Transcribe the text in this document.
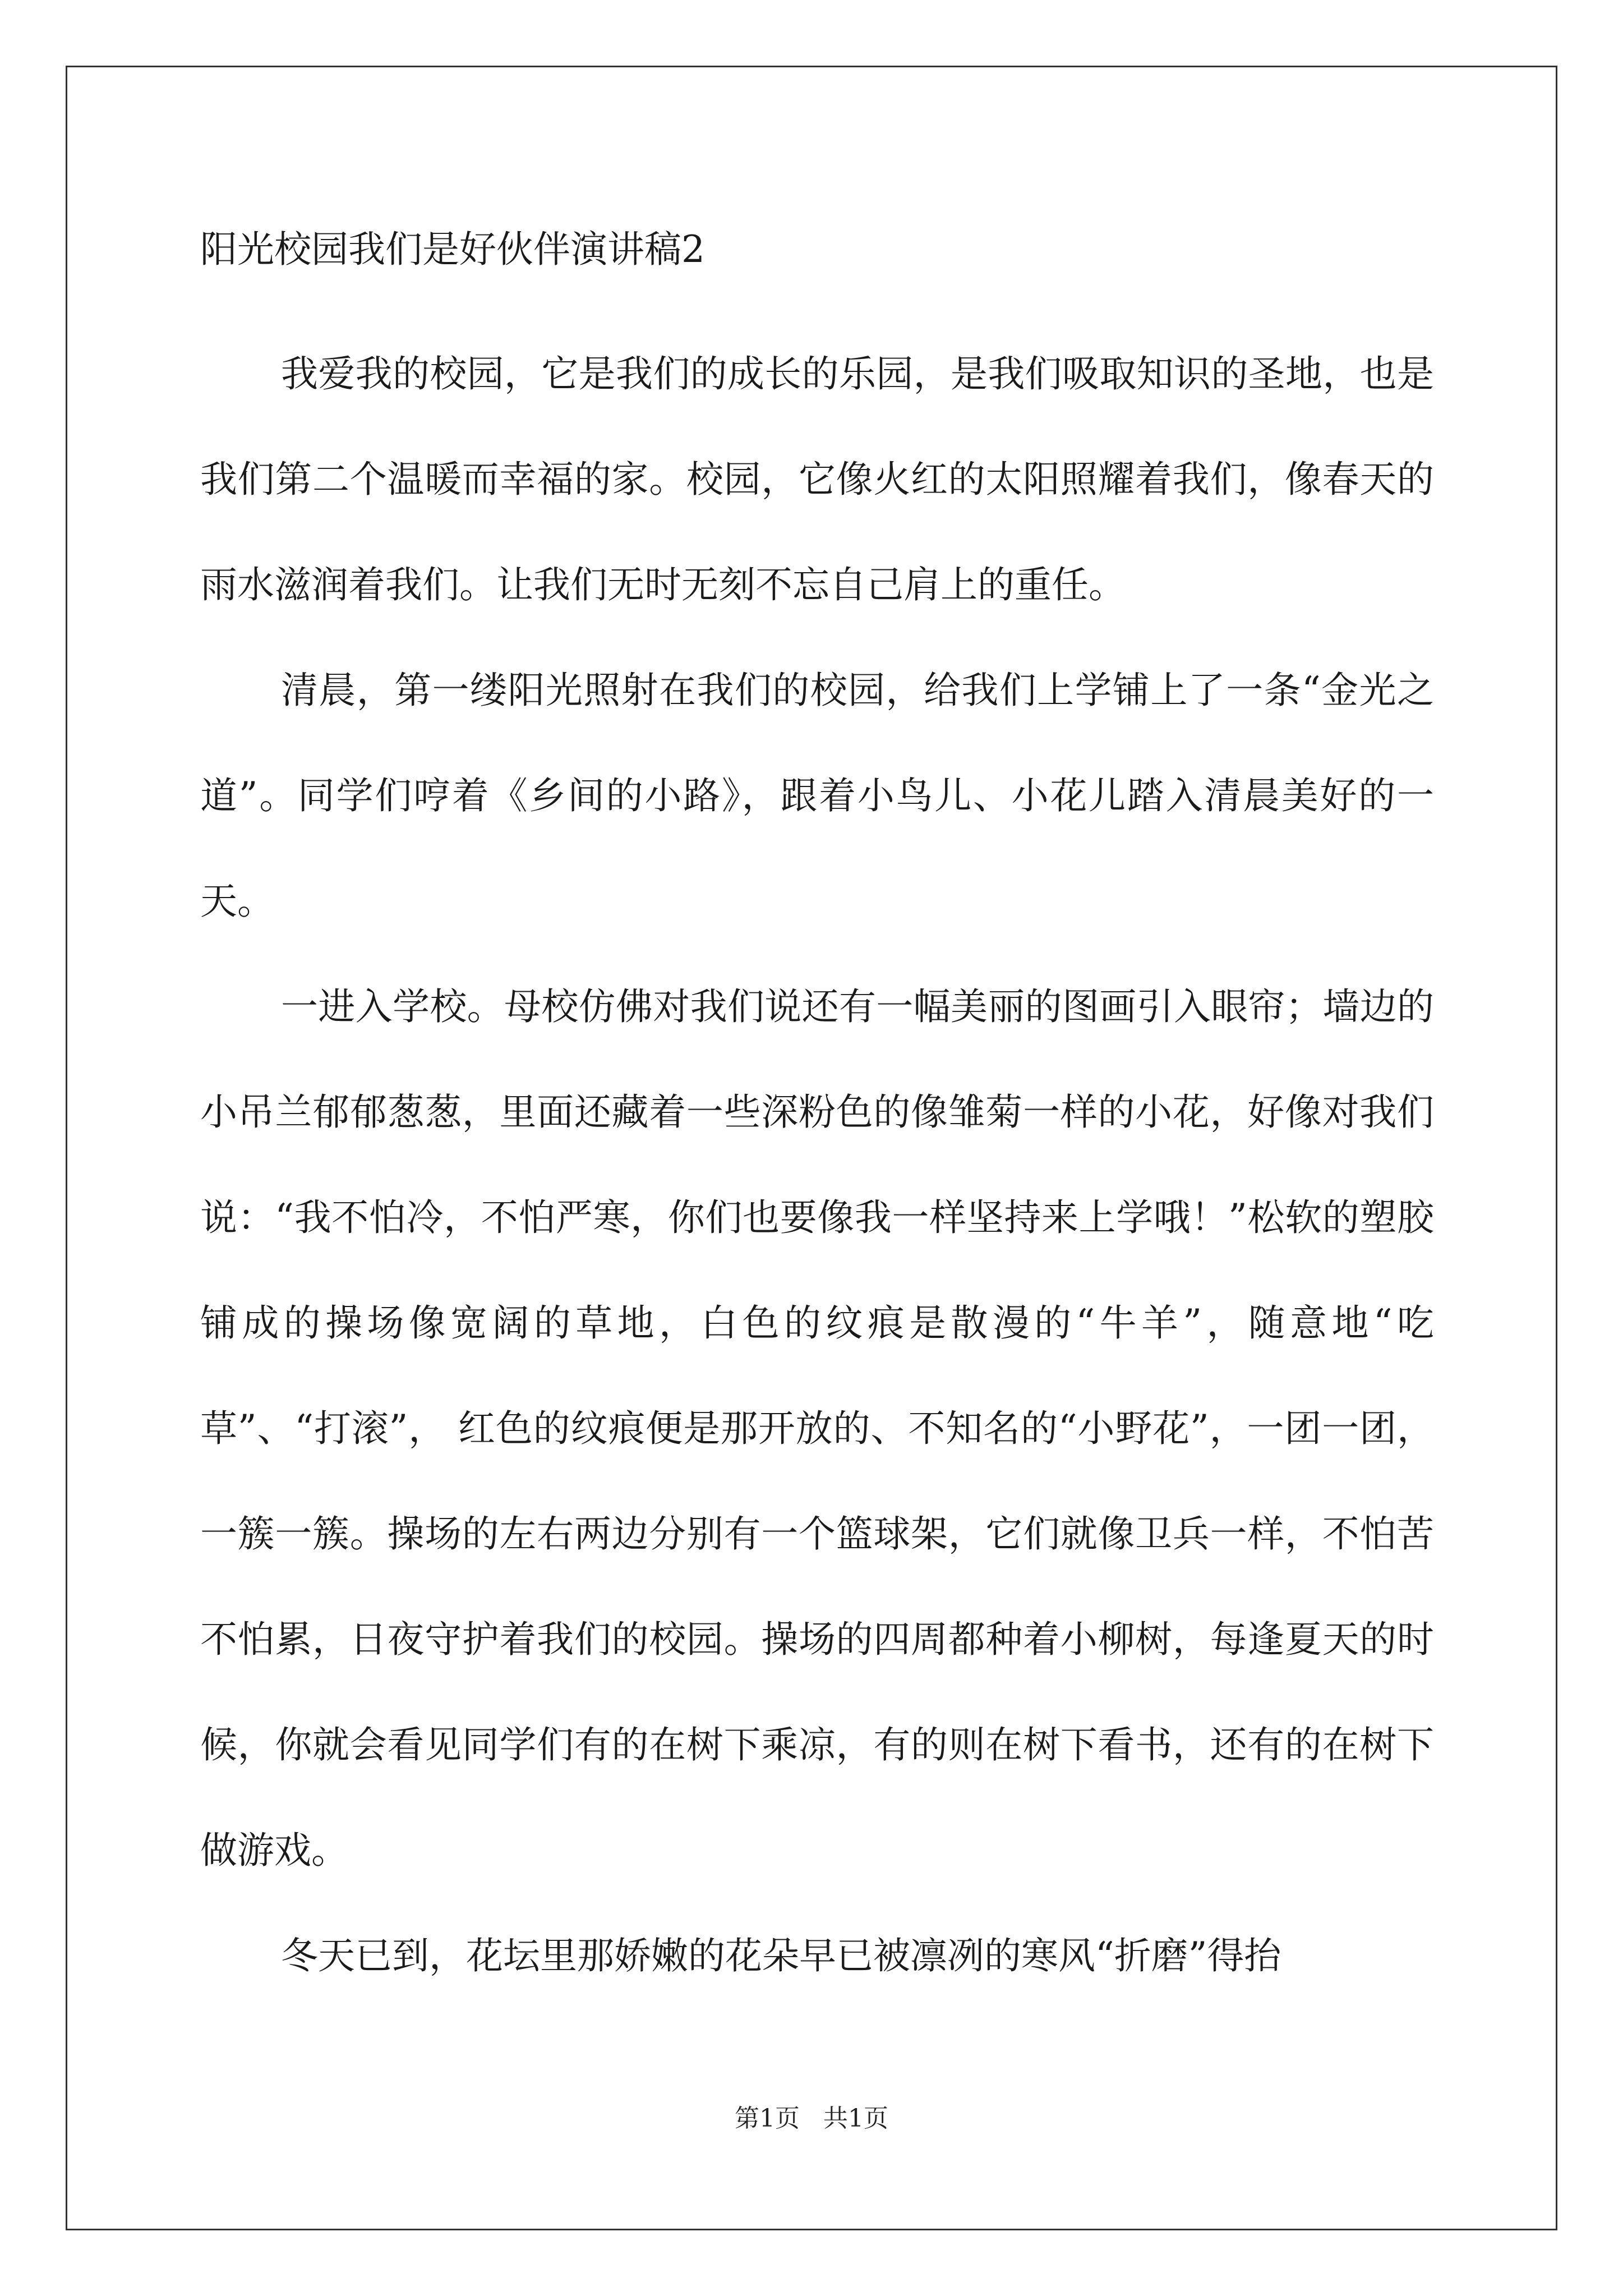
阳光校园我们是好伙伴演讲稿2

我爱我的校园，它是我们的成长的乐园，是我们吸取知识的圣地，也是我们第二个温暖而幸福的家。校园，它像火红的太阳照耀着我们，像春天的雨水滋润着我们。让我们无时无刻不忘自己肩上的重任。

清晨，第一缕阳光照射在我们的校园，给我们上学铺上了一条“金光之道”。同学们哼着《乡间的小路》，跟着小鸟儿、小花儿踏入清晨美好的一天。

一进入学校。母校仿佛对我们说还有一幅美丽的图画引入眼帘；墙边的小吊兰郁郁葱葱，里面还藏着一些深粉色的像雏菊一样的小花，好像对我们说：“我不怕冷，不怕严寒，你们也要像我一样坚持来上学哦！”松软的塑胶铺成的操场像宽阔的草地，白色的纹痕是散漫的“牛羊”，随意地“吃草”、“打滚”， 红色的纹痕便是那开放的、不知名的“小野花”，一团一团，一簇一簇。操场的左右两边分别有一个篮球架，它们就像卫兵一样，不怕苦不怕累，日夜守护着我们的校园。操场的四周都种着小柳树，每逢夏天的时候，你就会看见同学们有的在树下乘凉，有的则在树下看书，还有的在树下做游戏。

冬天已到，花坛里那娇嫩的花朵早已被凛冽的寒风“折磨”得抬

第1页   共1页
